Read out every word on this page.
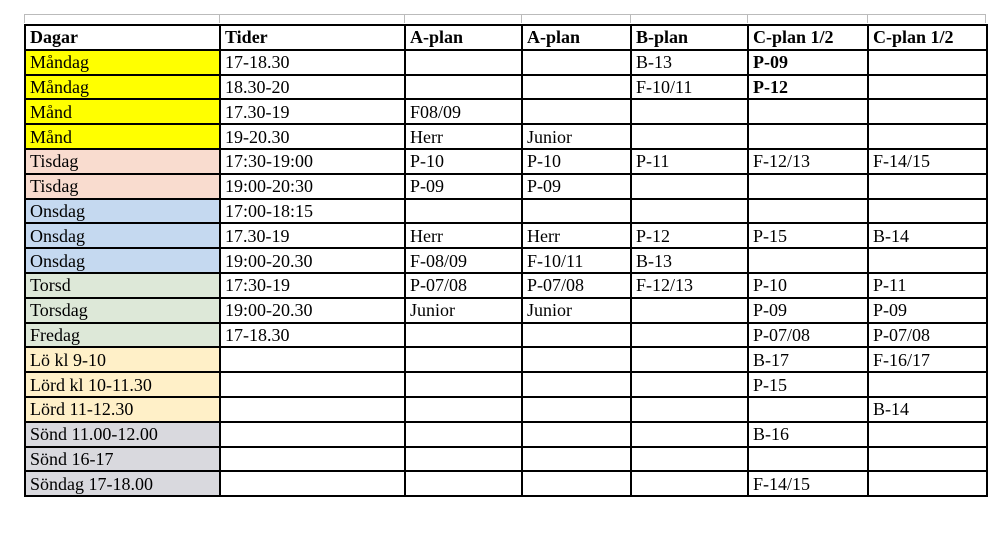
Dagar	Tider	A-plan	A-plan	B-plan	C-plan 1/2	C-plan 1/2
Måndag	17-18.30			B-13	P-09	
Måndag	18.30-20			F-10/11	P-12	
Månd	17.30-19	F08/09				
Månd	19-20.30	Herr	Junior			
Tisdag	17:30-19:00	P-10	P-10	P-11	F-12/13	F-14/15
Tisdag	19:00-20:30	P-09	P-09			
Onsdag	17:00-18:15					
Onsdag	17.30-19	Herr	Herr	P-12	P-15	B-14
Onsdag	19:00-20.30	F-08/09	F-10/11	B-13		
Torsd	17:30-19	P-07/08	P-07/08	F-12/13	P-10	P-11
Torsdag	19:00-20.30	Junior	Junior		P-09	P-09
Fredag	17-18.30				P-07/08	P-07/08
Lö kl 9-10					B-17	F-16/17
Lörd kl 10-11.30					P-15	
Lörd 11-12.30						B-14
Sönd 11.00-12.00					B-16	
Sönd 16-17						
Söndag 17-18.00					F-14/15	
